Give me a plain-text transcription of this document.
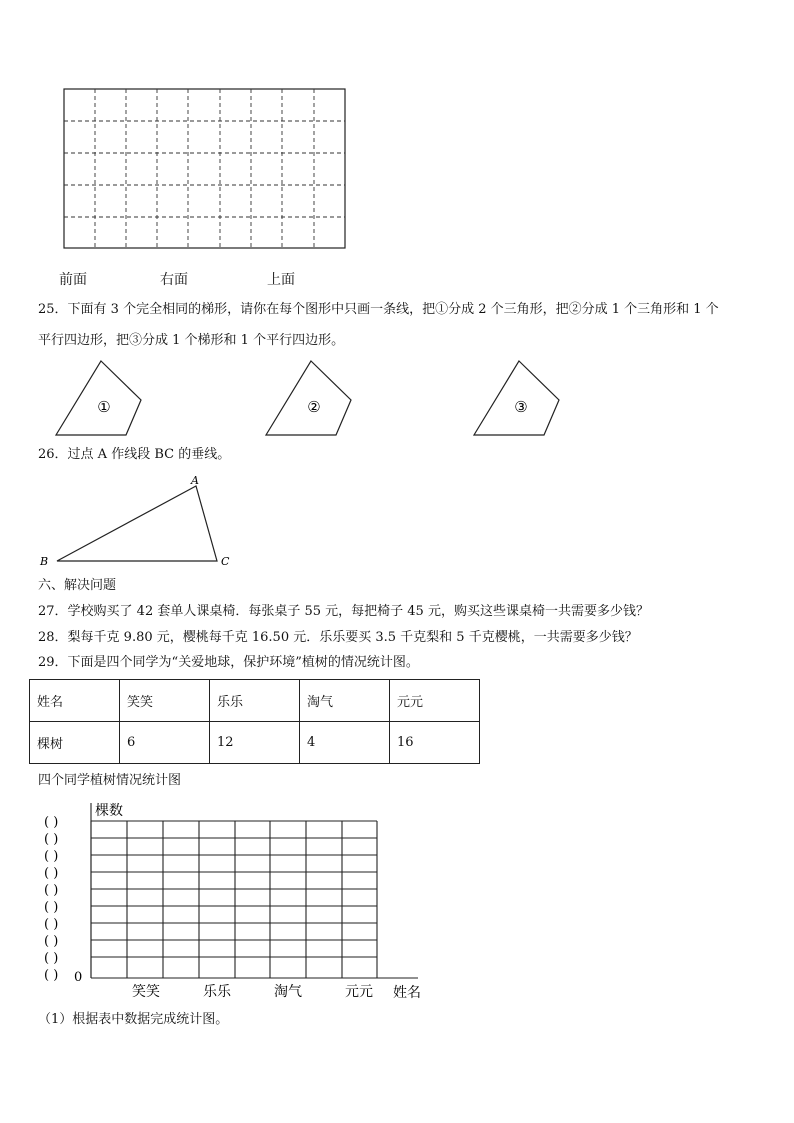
前面	右面	上面
25．下面有 3 个完全相同的梯形，请你在每个图形中只画一条线，把①分成 2 个三角形，把②分成 1 个三角形和 1 个
平行四边形，把③分成 1 个梯形和 1 个平行四边形。
①	②	③
26．过点 A 作线段 BC 的垂线。
A
B	C
六、解决问题
27．学校购买了 42 套单人课桌椅．每张桌子 55 元，每把椅子 45 元，购买这些课桌椅一共需要多少钱？
28．梨每千克 9.80 元，樱桃每千克 16.50 元．乐乐要买 3.5 千克梨和 5 千克樱桃，一共需要多少钱？
29．下面是四个同学为“关爱地球，保护环境”植树的情况统计图。
姓名	笑笑	乐乐	淘气	元元
棵树	6	12	4	16
四个同学植树情况统计图
棵数
姓名
0
笑笑	乐乐	淘气	元元
( )
( )
( )
( )
( )
( )
( )
( )
( )
( )
（1）根据表中数据完成统计图。
